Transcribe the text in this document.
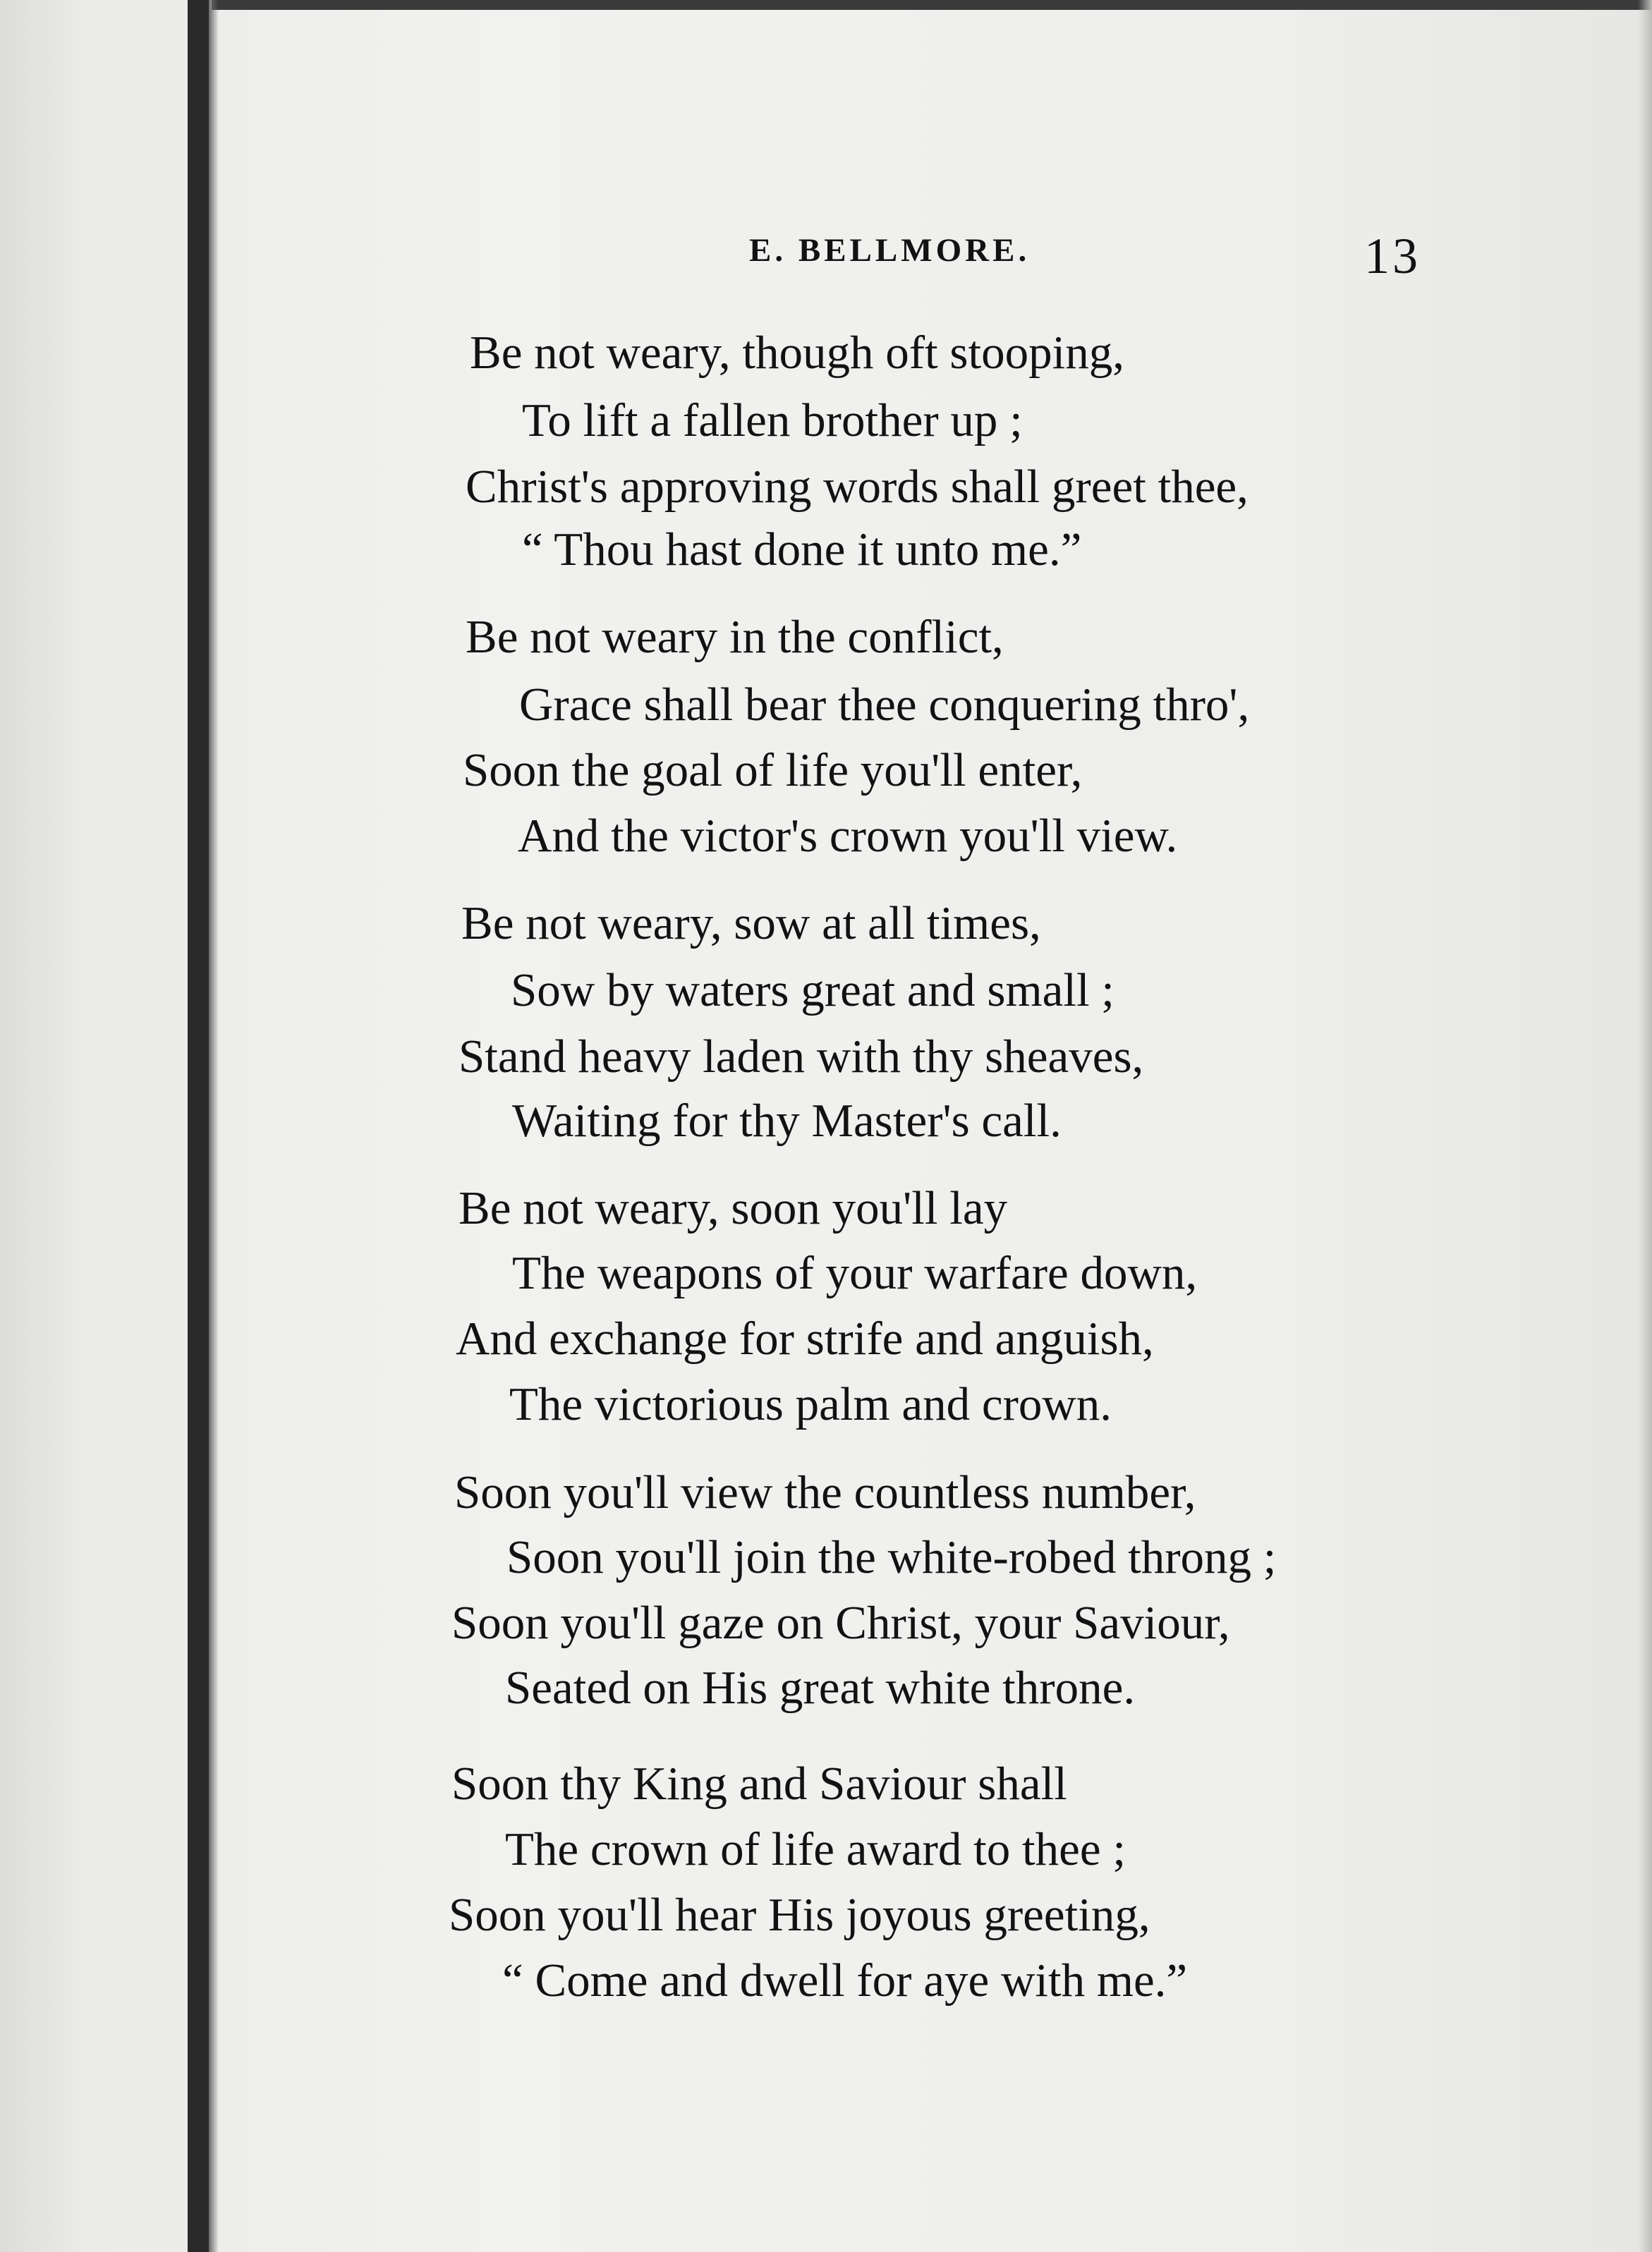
E. BELLMORE.	13

Be not weary, though oft stooping,

To lift a fallen brother up ;

Christ's approving words shall greet thee,

“ Thou hast done it unto me.”

Be not weary in the conflict,

Grace shall bear thee conquering thro',

Soon the goal of life you'll enter,

And the victor's crown you'll view.

Be not weary, sow at all times,

Sow by waters great and small ;

Stand heavy laden with thy sheaves,

Waiting for thy Master's call.

Be not weary, soon you'll lay

The weapons of your warfare down,

And exchange for strife and anguish,

The victorious palm and crown.

Soon you'll view the countless number,

Soon you'll join the white-robed throng ;

Soon you'll gaze on Christ, your Saviour,

Seated on His great white throne.

Soon thy King and Saviour shall

The crown of life award to thee ;

Soon you'll hear His joyous greeting,

“ Come and dwell for aye with me.”
